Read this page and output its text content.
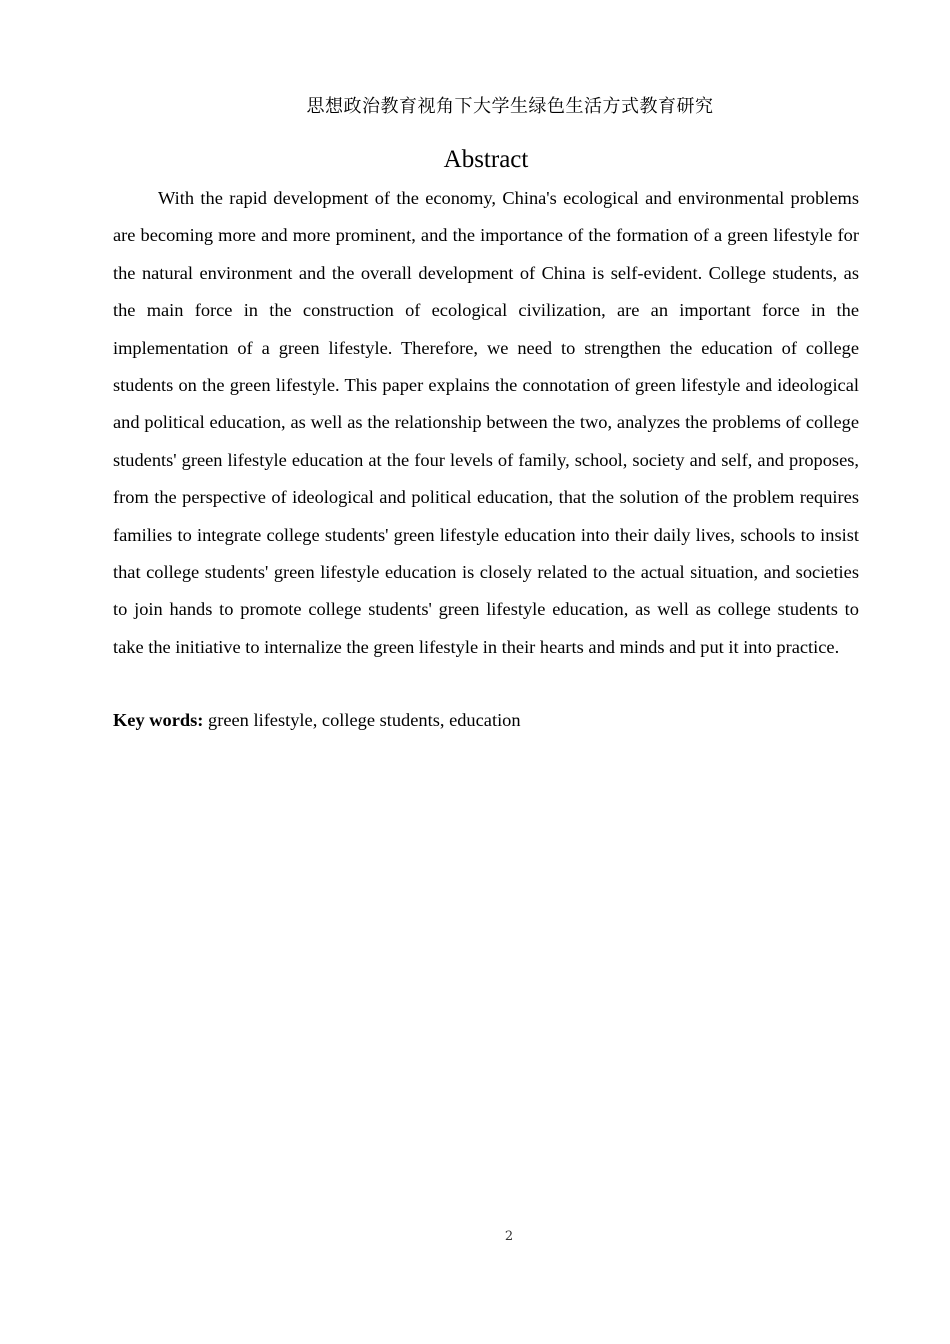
思想政治教育视角下大学生绿色生活方式教育研究
Abstract

With the rapid development of the economy, China's ecological and environmental problems are becoming more and more prominent, and the importance of the formation of a green lifestyle for the natural environment and the overall development of China is self-evident. College students, as the main force in the construction of ecological civilization, are an important force in the implementation of a green lifestyle. Therefore, we need to strengthen the education of college students on the green lifestyle. This paper explains the connotation of green lifestyle and ideological and political education, as well as the relationship between the two, analyzes the problems of college students' green lifestyle education at the four levels of family, school, society and self, and proposes, from the perspective of ideological and political education, that the solution of the problem requires families to integrate college students' green lifestyle education into their daily lives, schools to insist that college students' green lifestyle education is closely related to the actual situation, and societies to join hands to promote college students' green lifestyle education, as well as college students to take the initiative to internalize the green lifestyle in their hearts and minds and put it into practice.

Key words: green lifestyle, college students, education

2
